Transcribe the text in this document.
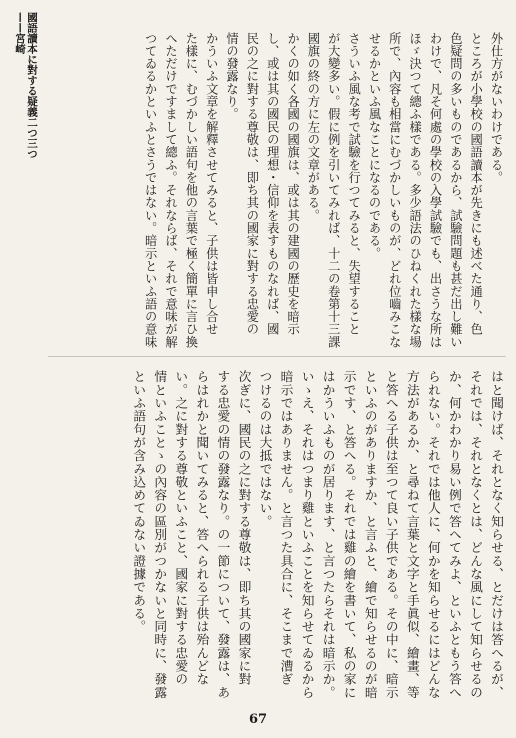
國語讀本に對する疑義二つ三つ——宮崎	外仕方がないわけである。
ところが小學校の國語讀本が先きにも述べた通り、色
色疑問の多いものであるから、試驗問題も甚だ出し難い
わけで、凡そ何處の學校の入學試驗でも、出さうな所は
ほゞ決つて總ふ樣である。多少語法のひねくれた樣な場
所で、內容も相當にむづかしいものが、どれ位嚙みこな
せるかといふ風なことになるのである。
さういふ風な考で試驗を行つてみると、失望すること
が大變多い。假に例を引いてみれば、十二の卷第十三課
國旗の終の方に左の文章がある。
かくの如く各國の國旗は、或は其の建國の歷史を暗示
し、或は其の國民の理想・信仰を表すものなれば、國
民の之に對する尊敬は、即ち其の國家に對する忠愛の
情の發露なり。
かういふ文章を解釋させてみると、子供は皆申し合せ
た樣に、むづかしい語句を他の言葉で極く簡單に言ひ換
へただけですまして總ふ。それならば、それで意味が解
つてゐるかといふとさうではない。暗示といふ語の意味
はと聞けば、それとなく知らせる、とだけは答へるが、
それでは、それとなくとは、どんな風にして知らせるの
か、何かわかり易い例で答へてみよ、といふともう答へ
られない。それでは他人に、何かを知らせるにはどんな
方法があるか、と尋ねて言葉と文字と手眞似、繪畫、等
と答へる子供は至つて良い子供である。その中に、暗示
といふのがありますか、と言ふと、繪で知らせるのが暗
示です、と答へる。それでは雞の繪を書いて、私の家に
はかういふものが居ります、と言つたらそれは暗示か。
いゝえ、それはつまり雞といふことを知らせてゐるから
暗示ではありません。と言つた具合に、そこまで漕ぎ
つけるのは大抵ではない。
次ぎに、國民の之に對する尊敬は、即ち其の國家に對
する忠愛の情の發露なり。の一節について、發露は、あ
らはれかと聞いてみると、答へられる子供は殆んどな
い。之に對する尊敬といふこと、國家に對する忠愛の
情といふことゝの內容の區別がつかないと同時に、發露
といふ語句が含み込めてゐない證據である。
67
